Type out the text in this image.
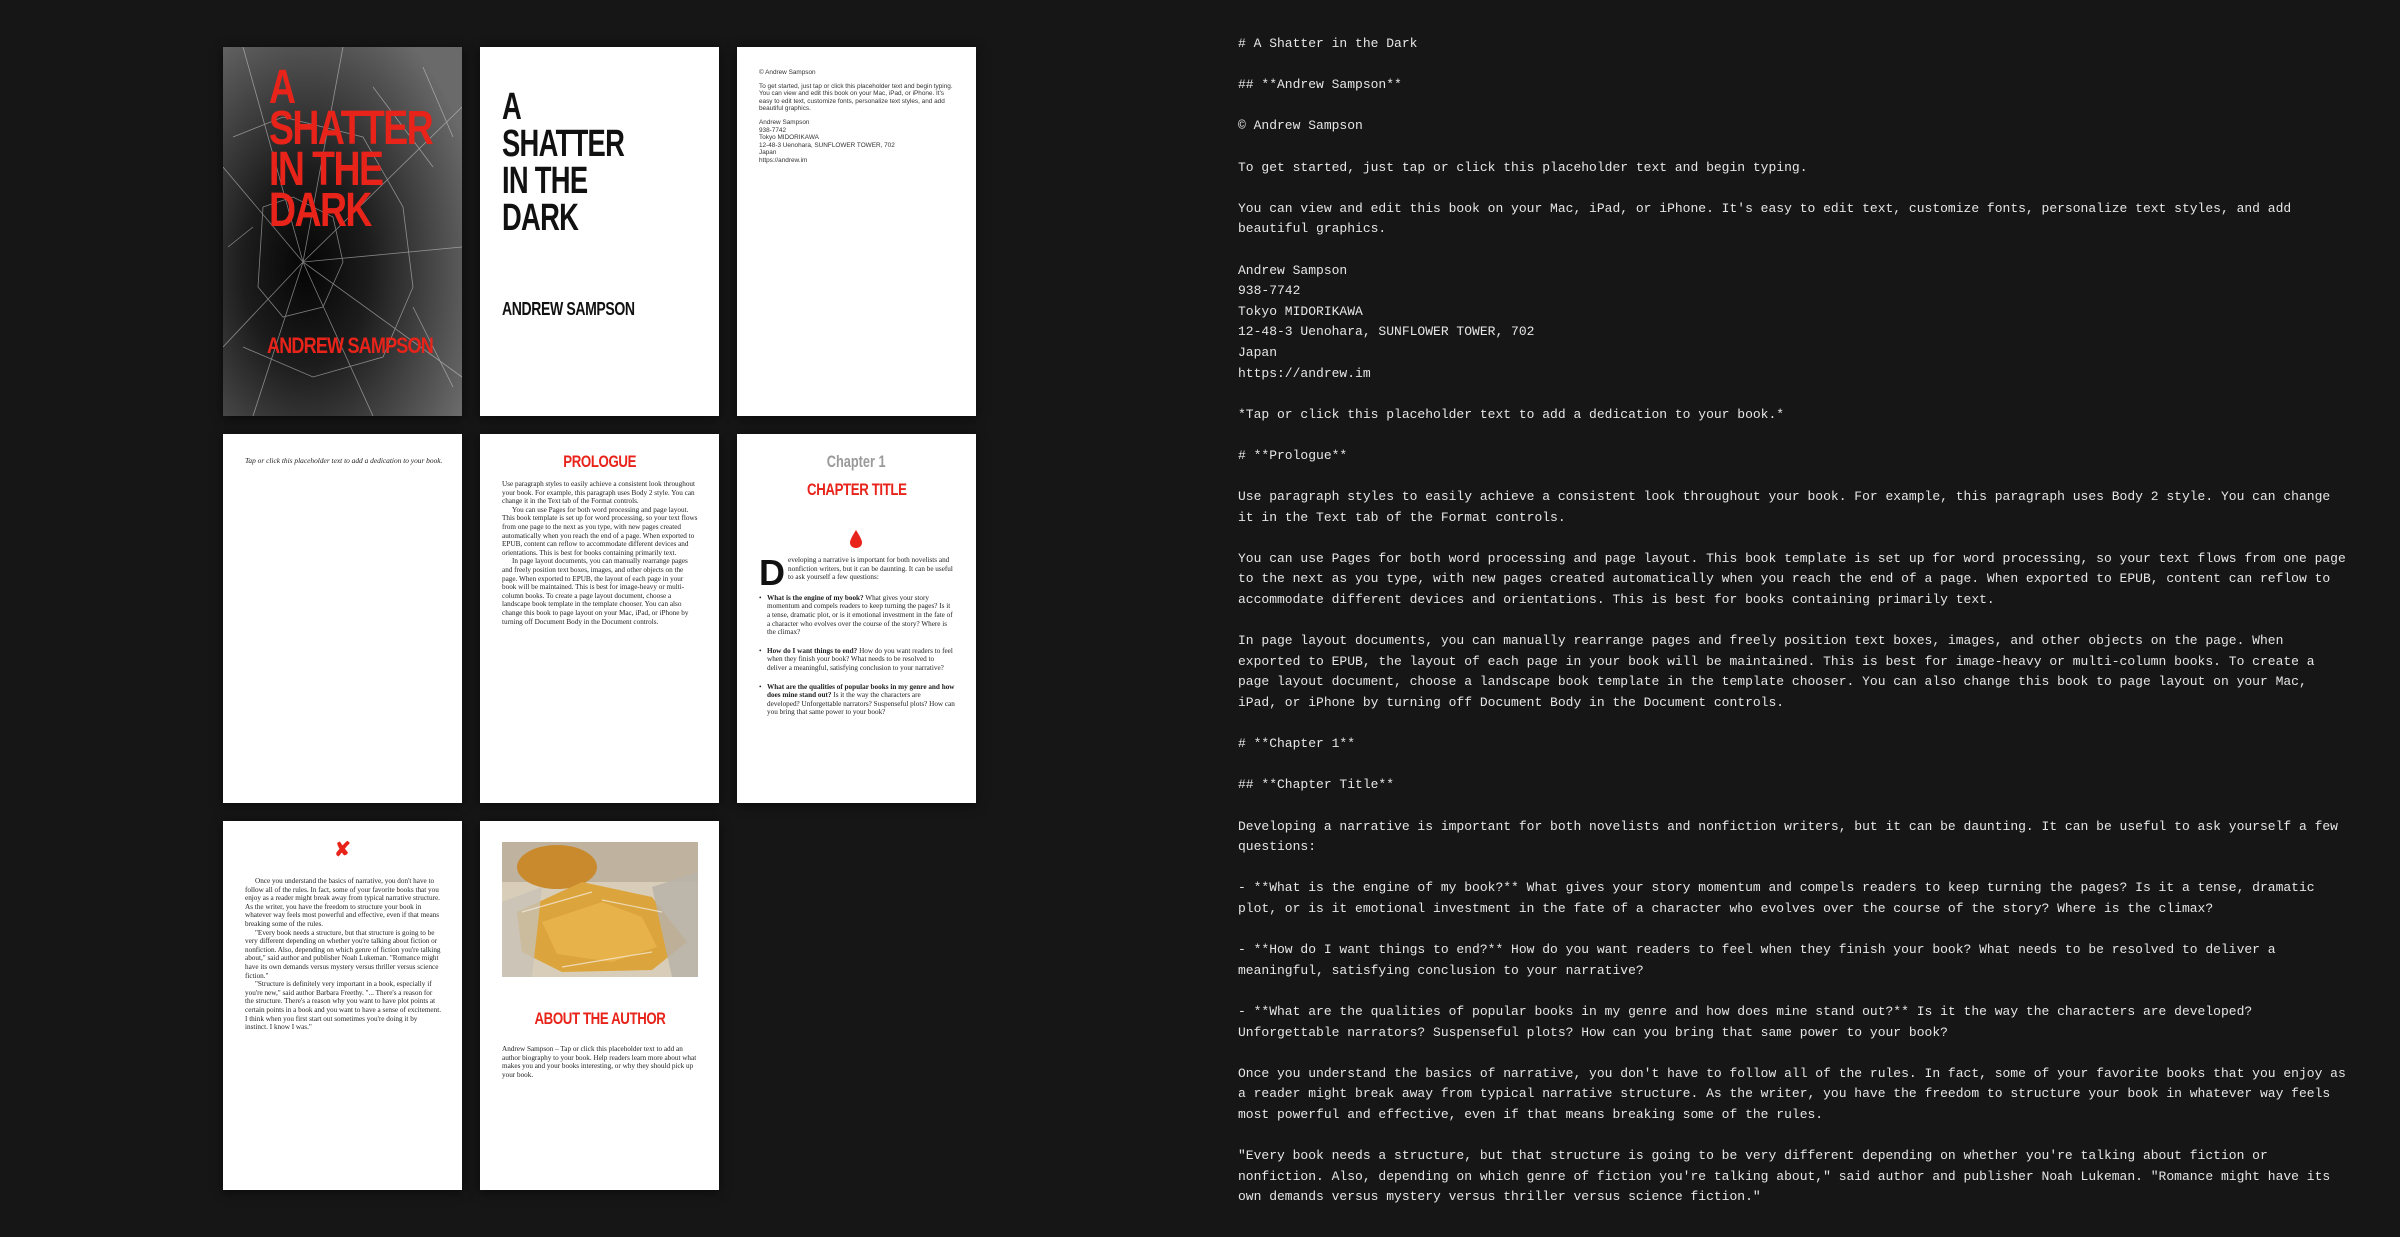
A
SHATTER
IN THE
DARK
ANDREW SAMPSON
A
SHATTER
IN THE
DARK
ANDREW SAMPSON

© Andrew Sampson

To get started, just tap or click this placeholder text and begin typing.

You can view and edit this book on your Mac, iPad, or iPhone. It's easy to edit text, customize fonts, personalize text styles, and add beautiful graphics.

Andrew Sampson
938-7742
Tokyo MIDORIKAWA
12-48-3 Uenohara, SUNFLOWER TOWER, 702
Japan
https://andrew.im
Tap or click this placeholder text to add a dedication to your book.	PROLOGUE

Use paragraph styles to easily achieve a consistent look throughout your book. For example, this paragraph uses Body 2 style. You can change it in the Text tab of the Format controls.

You can use Pages for both word processing and page layout. This book template is set up for word processing, so your text flows from one page to the next as you type, with new pages created automatically when you reach the end of a page. When exported to EPUB, content can reflow to accommodate different devices and orientations. This is best for books containing primarily text.

In page layout documents, you can manually rearrange pages and freely position text boxes, images, and other objects on the page. When exported to EPUB, the layout of each page in your book will be maintained. This is best for image-heavy or multi-column books. To create a page layout document, choose a landscape book template in the template chooser. You can also change this book to page layout on your Mac, iPad, or iPhone by turning off Document Body in the Document controls.

Chapter 1
CHAPTER TITLE
Developing a narrative is important for both novelists and nonfiction writers, but it can be daunting. It can be useful to ask yourself a few questions:
• What is the engine of my book? What gives your story momentum and compels readers to keep turning the pages? Is it a tense, dramatic plot, or is it emotional investment in the fate of a character who evolves over the course of the story? Where is the climax?
• How do I want things to end? How do you want readers to feel when they finish your book? What needs to be resolved to deliver a meaningful, satisfying conclusion to your narrative?
• What are the qualities of popular books in my genre and how does mine stand out? Is it the way the characters are developed? Unforgettable narrators? Suspenseful plots? How can you bring that same power to your book?
✘

Once you understand the basics of narrative, you don't have to follow all of the rules. In fact, some of your favorite books that you enjoy as a reader might break away from typical narrative structure. As the writer, you have the freedom to structure your book in whatever way feels most powerful and effective, even if that means breaking some of the rules.

"Every book needs a structure, but that structure is going to be very different depending on whether you're talking about fiction or nonfiction. Also, depending on which genre of fiction you're talking about," said author and publisher Noah Lukeman. "Romance might have its own demands versus mystery versus thriller versus science fiction."

"Structure is definitely very important in a book, especially if you're new," said author Barbara Freethy. "... There's a reason for the structure. There's a reason why you want to have plot points at certain points in a book and you want to have a sense of excitement. I think when you first start out sometimes you're doing it by instinct. I know I was."	ABOUT THE AUTHOR
Andrew Sampson – Tap or click this placeholder text to add an author biography to your book. Help readers learn more about what makes you and your books interesting, or why they should pick up your book.

# A Shatter in the Dark

## **Andrew Sampson**

© Andrew Sampson

To get started, just tap or click this placeholder text and begin typing.

You can view and edit this book on your Mac, iPad, or iPhone. It's easy to edit text, customize fonts, personalize text styles, and add beautiful graphics.

Andrew Sampson
938-7742
Tokyo MIDORIKAWA
12-48-3 Uenohara, SUNFLOWER TOWER, 702
Japan
https://andrew.im

*Tap or click this placeholder text to add a dedication to your book.*

# **Prologue**

Use paragraph styles to easily achieve a consistent look throughout your book. For example, this paragraph uses Body 2 style. You can change it in the Text tab of the Format controls.

You can use Pages for both word processing and page layout. This book template is set up for word processing, so your text flows from one page to the next as you type, with new pages created automatically when you reach the end of a page. When exported to EPUB, content can reflow to accommodate different devices and orientations. This is best for books containing primarily text.

In page layout documents, you can manually rearrange pages and freely position text boxes, images, and other objects on the page. When exported to EPUB, the layout of each page in your book will be maintained. This is best for image-heavy or multi-column books. To create a page layout document, choose a landscape book template in the template chooser. You can also change this book to page layout on your Mac, iPad, or iPhone by turning off Document Body in the Document controls.

# **Chapter 1**

## **Chapter Title**

Developing a narrative is important for both novelists and nonfiction writers, but it can be daunting. It can be useful to ask yourself a few questions:

- **What is the engine of my book?** What gives your story momentum and compels readers to keep turning the pages? Is it a tense, dramatic plot, or is it emotional investment in the fate of a character who evolves over the course of the story? Where is the climax?

- **How do I want things to end?** How do you want readers to feel when they finish your book? What needs to be resolved to deliver a meaningful, satisfying conclusion to your narrative?

- **What are the qualities of popular books in my genre and how does mine stand out?** Is it the way the characters are developed? Unforgettable narrators? Suspenseful plots? How can you bring that same power to your book?

Once you understand the basics of narrative, you don't have to follow all of the rules. In fact, some of your favorite books that you enjoy as a reader might break away from typical narrative structure. As the writer, you have the freedom to structure your book in whatever way feels most powerful and effective, even if that means breaking some of the rules.

"Every book needs a structure, but that structure is going to be very different depending on whether you're talking about fiction or nonfiction. Also, depending on which genre of fiction you're talking about," said author and publisher Noah Lukeman. "Romance might have its own demands versus mystery versus thriller versus science fiction."
